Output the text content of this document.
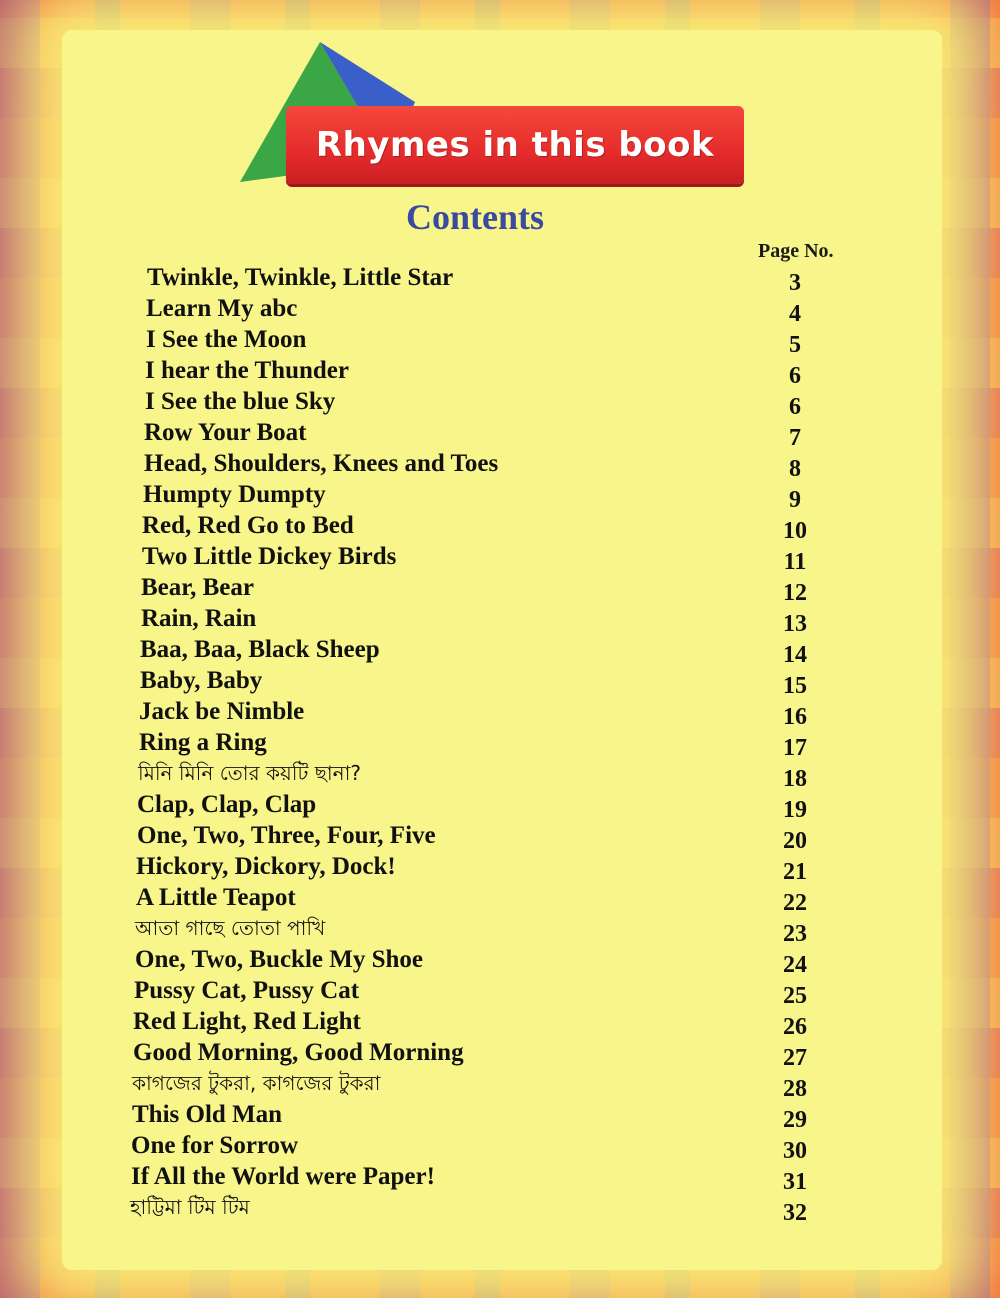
Rhymes in this book
Contents
Page No.
Twinkle, Twinkle, Little Star	3
Learn My abc	4
I See the Moon	5
I hear the Thunder	6
I See the blue Sky	6
Row Your Boat	7
Head, Shoulders, Knees and Toes	8
Humpty Dumpty	9
Red, Red Go to Bed	10
Two Little Dickey Birds	11
Bear, Bear	12
Rain, Rain	13
Baa, Baa, Black Sheep	14
Baby, Baby	15
Jack be Nimble	16
Ring a Ring	17
মিনি মিনি তোর কয়টি ছানা?	18
Clap, Clap, Clap	19
One, Two, Three, Four, Five	20
Hickory, Dickory, Dock!	21
A Little Teapot	22
আতা গাছে তোতা পাখি	23
One, Two, Buckle My Shoe	24
Pussy Cat, Pussy Cat	25
Red Light, Red Light	26
Good Morning, Good Morning	27
কাগজের টুকরা, কাগজের টুকরা	28
This Old Man	29
One for Sorrow	30
If All the World were Paper!	31
হাট্টিমা টিম টিম	32
